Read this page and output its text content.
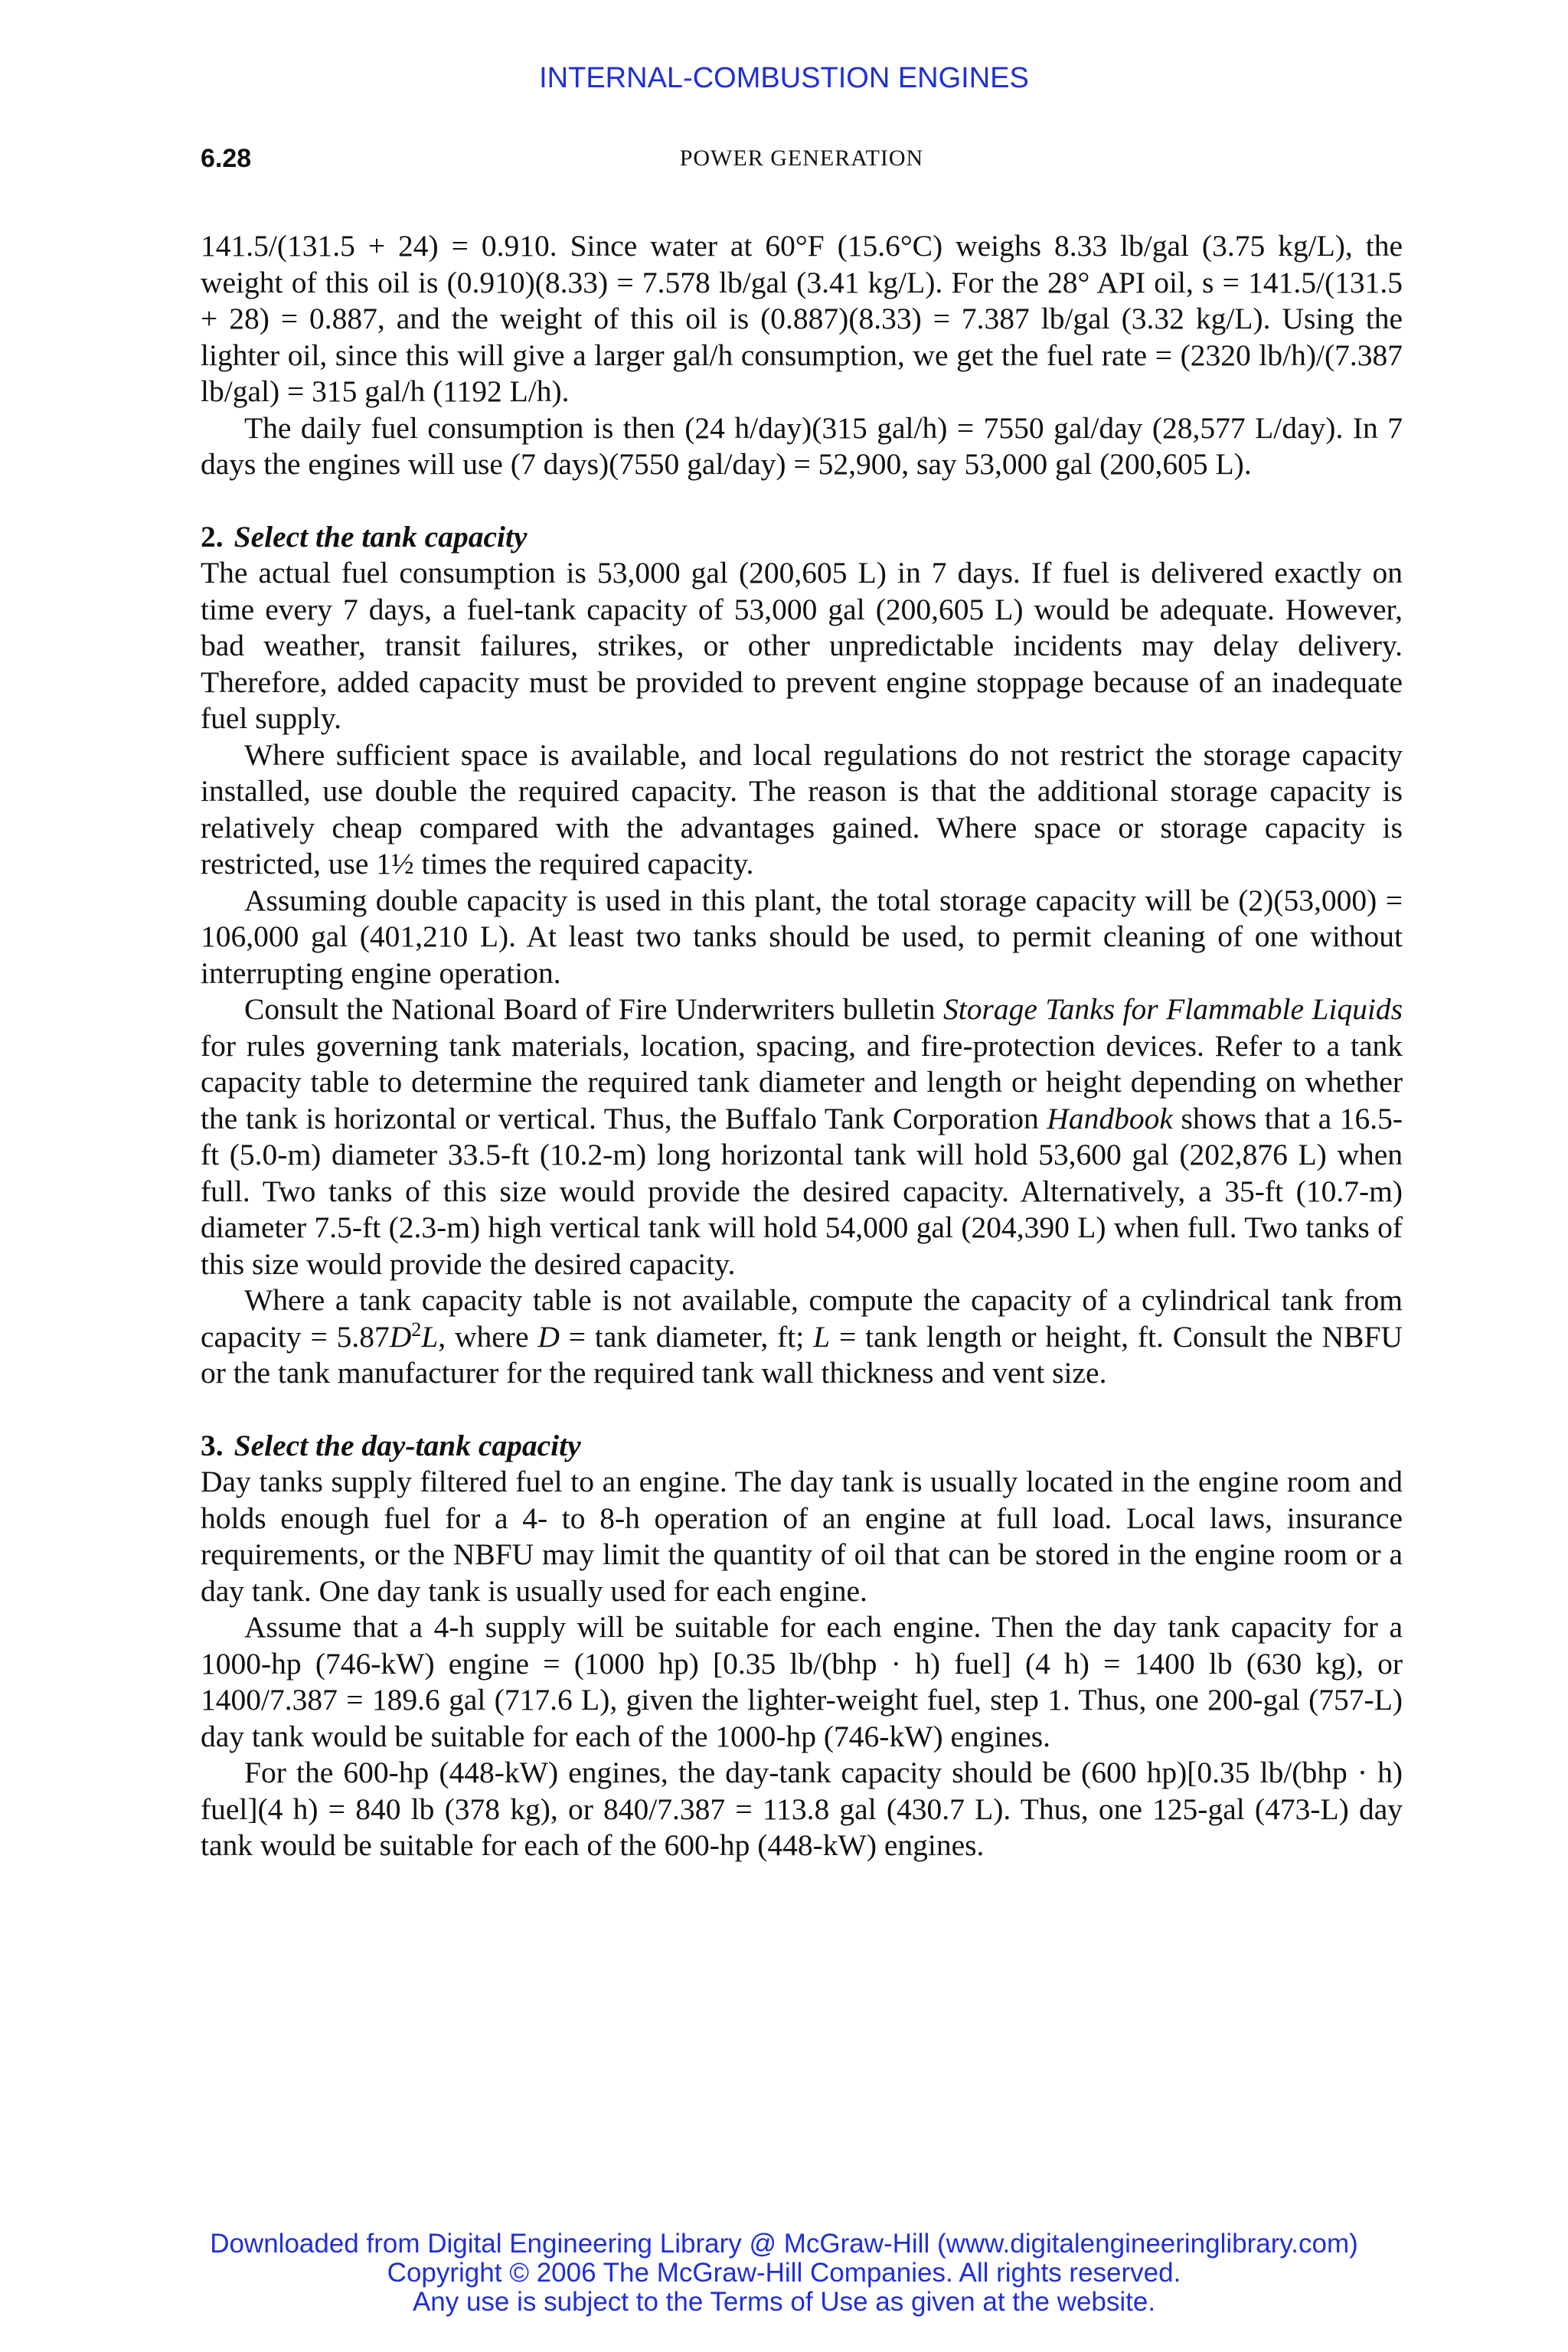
INTERNAL-COMBUSTION ENGINES
6.28	POWER GENERATION

141.5/(131.5 + 24) = 0.910. Since water at 60°F (15.6°C) weighs 8.33 lb/gal (3.75 kg/L), the weight of this oil is (0.910)(8.33) = 7.578 lb/gal (3.41 kg/L). For the 28° API oil, s = 141.5/(131.5 + 28) = 0.887, and the weight of this oil is (0.887)(8.33) = 7.387 lb/gal (3.32 kg/L). Using the lighter oil, since this will give a larger gal/h consumption, we get the fuel rate = (2320 lb/h)/(7.387 lb/gal) = 315 gal/h (1192 L/h).

The daily fuel consumption is then (24 h/day)(315 gal/h) = 7550 gal/day (28,577 L/day). In 7 days the engines will use (7 days)(7550 gal/day) = 52,900, say 53,000 gal (200,605 L).

2. Select the tank capacity

The actual fuel consumption is 53,000 gal (200,605 L) in 7 days. If fuel is delivered exactly on time every 7 days, a fuel-tank capacity of 53,000 gal (200,605 L) would be adequate. However, bad weather, transit failures, strikes, or other unpredictable incidents may delay delivery. Therefore, added capacity must be provided to prevent engine stoppage because of an inadequate fuel supply.

Where sufficient space is available, and local regulations do not restrict the storage capacity installed, use double the required capacity. The reason is that the additional storage capacity is relatively cheap compared with the advantages gained. Where space or storage capacity is restricted, use 1½ times the required capacity.

Assuming double capacity is used in this plant, the total storage capacity will be (2)(53,000) = 106,000 gal (401,210 L). At least two tanks should be used, to permit cleaning of one without interrupting engine operation.

Consult the National Board of Fire Underwriters bulletin Storage Tanks for Flammable Liquids for rules governing tank materials, location, spacing, and fire-protection devices. Refer to a tank capacity table to determine the required tank diameter and length or height depending on whether the tank is horizontal or vertical. Thus, the Buffalo Tank Corporation Handbook shows that a 16.5-ft (5.0-m) diameter 33.5-ft (10.2-m) long horizontal tank will hold 53,600 gal (202,876 L) when full. Two tanks of this size would provide the desired capacity. Alternatively, a 35-ft (10.7-m) diameter 7.5-ft (2.3-m) high vertical tank will hold 54,000 gal (204,390 L) when full. Two tanks of this size would provide the desired capacity.

Where a tank capacity table is not available, compute the capacity of a cylindrical tank from capacity = $5.87D^2L$, where D = tank diameter, ft; L = tank length or height, ft. Consult the NBFU or the tank manufacturer for the required tank wall thickness and vent size.

3. Select the day-tank capacity

Day tanks supply filtered fuel to an engine. The day tank is usually located in the engine room and holds enough fuel for a 4- to 8-h operation of an engine at full load. Local laws, insurance requirements, or the NBFU may limit the quantity of oil that can be stored in the engine room or a day tank. One day tank is usually used for each engine.

Assume that a 4-h supply will be suitable for each engine. Then the day tank capacity for a 1000-hp (746-kW) engine = (1000 hp) [0.35 lb/(bhp · h) fuel] (4 h) = 1400 lb (630 kg), or 1400/7.387 = 189.6 gal (717.6 L), given the lighter-weight fuel, step 1. Thus, one 200-gal (757-L) day tank would be suitable for each of the 1000-hp (746-kW) engines.

For the 600-hp (448-kW) engines, the day-tank capacity should be (600 hp)[0.35 lb/(bhp · h) fuel](4 h) = 840 lb (378 kg), or 840/7.387 = 113.8 gal (430.7 L). Thus, one 125-gal (473-L) day tank would be suitable for each of the 600-hp (448-kW) engines.

Downloaded from Digital Engineering Library @ McGraw-Hill (www.digitalengineeringlibrary.com)
Copyright © 2006 The McGraw-Hill Companies. All rights reserved.
Any use is subject to the Terms of Use as given at the website.
